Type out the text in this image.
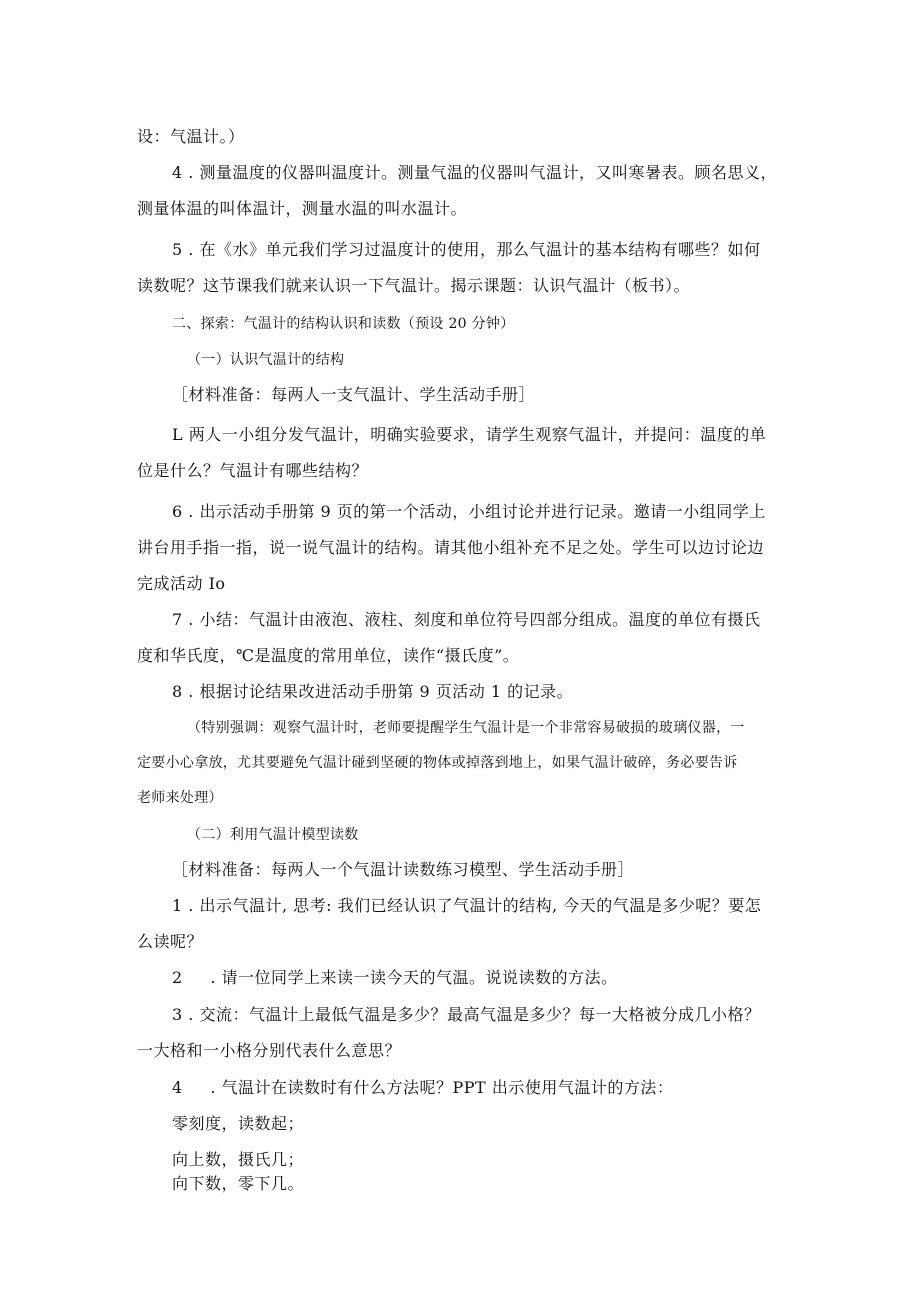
设：气温计。）
4 . 测量温度的仪器叫温度计。测量气温的仪器叫气温计，又叫寒暑表。顾名思义，
测量体温的叫体温计，测量水温的叫水温计。
5 . 在《水》单元我们学习过温度计的使用，那么气温计的基本结构有哪些？如何
读数呢？这节课我们就来认识一下气温计。揭示课题：认识气温计（板书）。
二、探索：气温计的结构认识和读数（预设 20 分钟）
（一）认识气温计的结构
［材料准备：每两人一支气温计、学生活动手册］
L 两人一小组分发气温计，明确实验要求，请学生观察气温计，并提问：温度的单
位是什么？气温计有哪些结构？
6 . 出示活动手册第 9 页的第一个活动，小组讨论并进行记录。邀请一小组同学上
讲台用手指一指，说一说气温计的结构。请其他小组补充不足之处。学生可以边讨论边
完成活动 Io
7 . 小结：气温计由液泡、液柱、刻度和单位符号四部分组成。温度的单位有摄氏
度和华氏度，℃是温度的常用单位，读作“摄氏度”。
8 . 根据讨论结果改进活动手册第 9 页活动 1 的记录。
（特别强调：观察气温计时，老师要提醒学生气温计是一个非常容易破损的玻璃仪器，一
定要小心拿放，尤其要避免气温计碰到坚硬的物体或掉落到地上，如果气温计破碎，务必要告诉
老师来处理）
（二）利用气温计模型读数
［材料准备：每两人一个气温计读数练习模型、学生活动手册］
1 . 出示气温计, 思考: 我们已经认识了气温计的结构, 今天的气温是多少呢？要怎
么读呢？
2 　 . 请一位同学上来读一读今天的气温。说说读数的方法。
3 . 交流：气温计上最低气温是多少？最高气温是多少？每一大格被分成几小格？
一大格和一小格分别代表什么意思？
4 　 . 气温计在读数时有什么方法呢？PPT 出示使用气温计的方法：
零刻度，读数起；
向上数，摄氏几；
向下数，零下几。
